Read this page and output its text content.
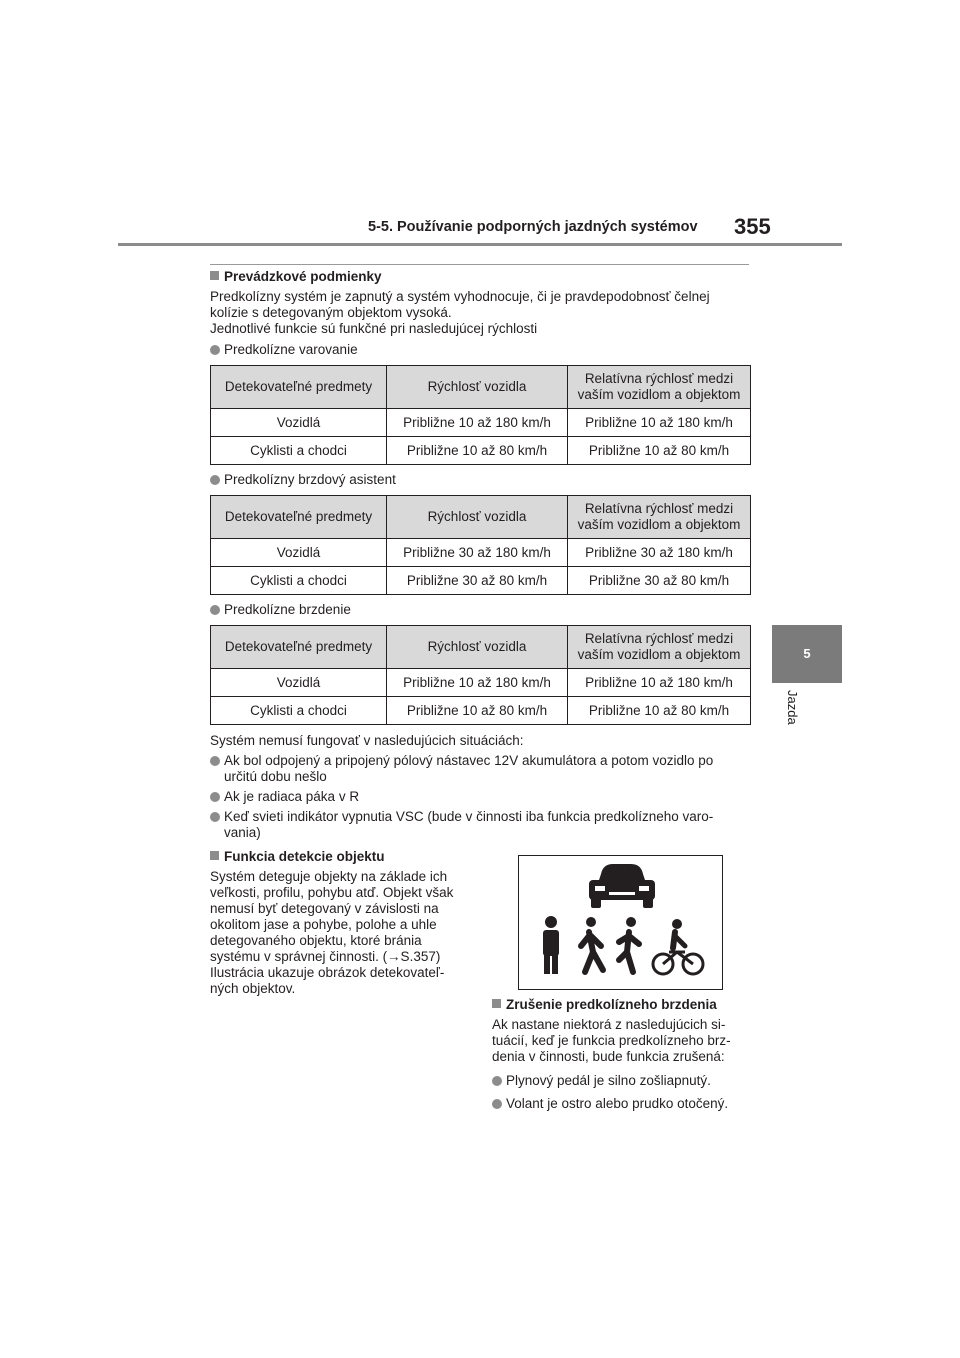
5-5. Používanie podporných jazdných systémov 355
5
Jazda
Prevádzkové podmienky
Predkolízny systém je zapnutý a systém vyhodnocuje, či je pravdepodobnosť čelnej
kolízie s detegovaným objektom vysoká.
Jednotlivé funkcie sú funkčné pri nasledujúcej rýchlosti
Predkolízne varovanie
Detekovateľné predmety	Rýchlosť vozidla	Relatívna rýchlosť medzi vaším vozidlom a objektom
Vozidlá	Približne 10 až 180 km/h	Približne 10 až 180 km/h
Cyklisti a chodci	Približne 10 až 80 km/h	Približne 10 až 80 km/h
Predkolízny brzdový asistent
Detekovateľné predmety	Rýchlosť vozidla	Relatívna rýchlosť medzi vaším vozidlom a objektom
Vozidlá	Približne 30 až 180 km/h	Približne 30 až 180 km/h
Cyklisti a chodci	Približne 30 až 80 km/h	Približne 30 až 80 km/h
Predkolízne brzdenie
Detekovateľné predmety	Rýchlosť vozidla	Relatívna rýchlosť medzi vaším vozidlom a objektom
Vozidlá	Približne 10 až 180 km/h	Približne 10 až 180 km/h
Cyklisti a chodci	Približne 10 až 80 km/h	Približne 10 až 80 km/h
Systém nemusí fungovať v nasledujúcich situáciách:
Ak bol odpojený a pripojený pólový nástavec 12V akumulátora a potom vozidlo po
určitú dobu nešlo
Ak je radiaca páka v R
Keď svieti indikátor vypnutia VSC (bude v činnosti iba funkcia predkolízneho varo-
vania)
Funkcia detekcie objektu
Systém deteguje objekty na základe ich
veľkosti, profilu, pohybu atď. Objekt však
nemusí byť detegovaný v závislosti na
okolitom jase a pohybe, polohe a uhle
detegovaného objektu, ktoré bránia
systému v správnej činnosti. (→S.357)
Ilustrácia ukazuje obrázok detekovateľ-
ných objektov.
Zrušenie predkolízneho brzdenia
Ak nastane niektorá z nasledujúcich si-
tuácií, keď je funkcia predkolízneho brz-
denia v činnosti, bude funkcia zrušená:
Plynový pedál je silno zošliapnutý.
Volant je ostro alebo prudko otočený.
